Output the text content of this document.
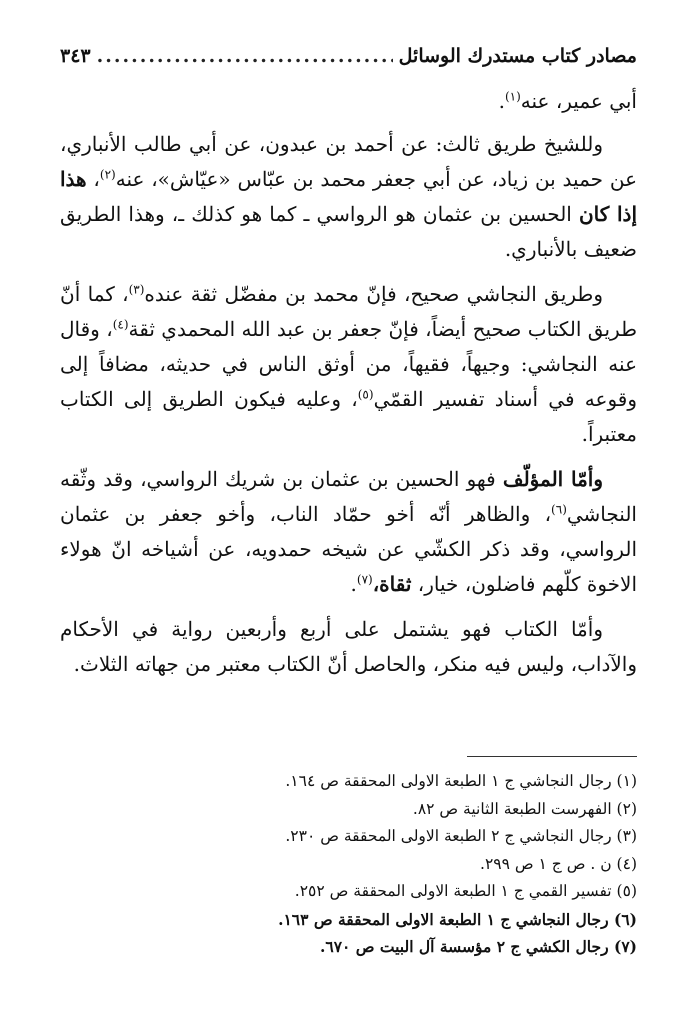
مصادر كتاب مستدرك الوسائل
.....
٣٤٣

أبي عمير، عنه$^{(١)}$.

وللشيخ طريق ثالث: عن أحمد بن عبدون، عن أبي طالب الأنباري، عن حميد بن زياد، عن أبي جعفر محمد بن عبّاس «عيّاش»، عنه$^{(٢)}$، هذا إذا كان الحسين بن عثمان هو الرواسي ـ كما هو كذلك ـ، وهذا الطريق ضعيف بالأنباري.

وطريق النجاشي صحيح، فإنّ محمد بن مفضّل ثقة عنده$^{(٣)}$، كما أنّ طريق الكتاب صحيح أيضاً، فإنّ جعفر بن عبد الله المحمدي ثقة$^{(٤)}$، وقال عنه النجاشي: وجيهاً، فقيهاً، من أوثق الناس في حديثه، مضافاً إلى وقوعه في أسناد تفسير القمّي$^{(٥)}$، وعليه فيكون الطريق إلى الكتاب معتبراً.

وأمّا المؤلّف فهو الحسين بن عثمان بن شريك الرواسي، وقد وثّقه النجاشي$^{(٦)}$، والظاهر أنّه أخو حمّاد الناب، وأخو جعفر بن عثمان الرواسي، وقد ذكر الكشّي عن شيخه حمدويه، عن أشياخه انّ هولاء الاخوة كلّهم فاضلون، خيار، ثقاة،$^{(٧)}$.

وأمّا الكتاب فهو يشتمل على أربع وأربعين رواية في الأحكام والآداب، وليس فيه منكر، والحاصل أنّ الكتاب معتبر من جهاته الثلاث.

(١) رجال النجاشي ج ١ الطبعة الاولى المحققة ص ١٦٤.
(٢) الفهرست الطبعة الثانية ص ٨٢.
(٣) رجال النجاشي ج ٢ الطبعة الاولى المحققة ص ٢٣٠.
(٤) ن . ص ج ١ ص ٢٩٩.
(٥) تفسير القمي ج ١ الطبعة الاولى المحققة ص ٢٥٢.
(٦) رجال النجاشي ج ١ الطبعة الاولى المحققة ص ١٦٣.
(٧) رجال الكشي ج ٢ مؤسسة آل البيت ص ٦٧٠.
